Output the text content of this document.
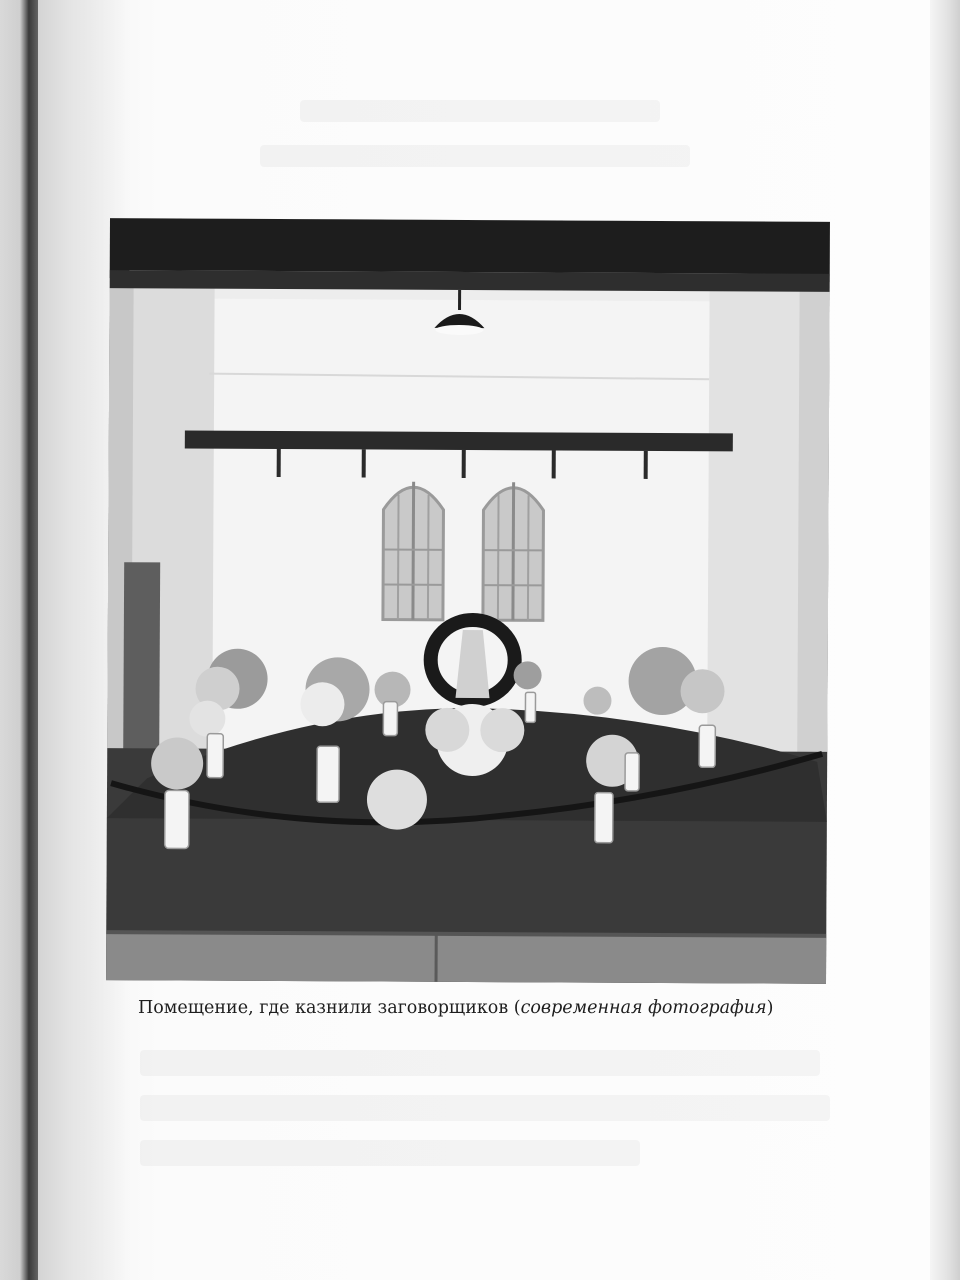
Помещение, где казнили заговорщиков (современная фотография)
